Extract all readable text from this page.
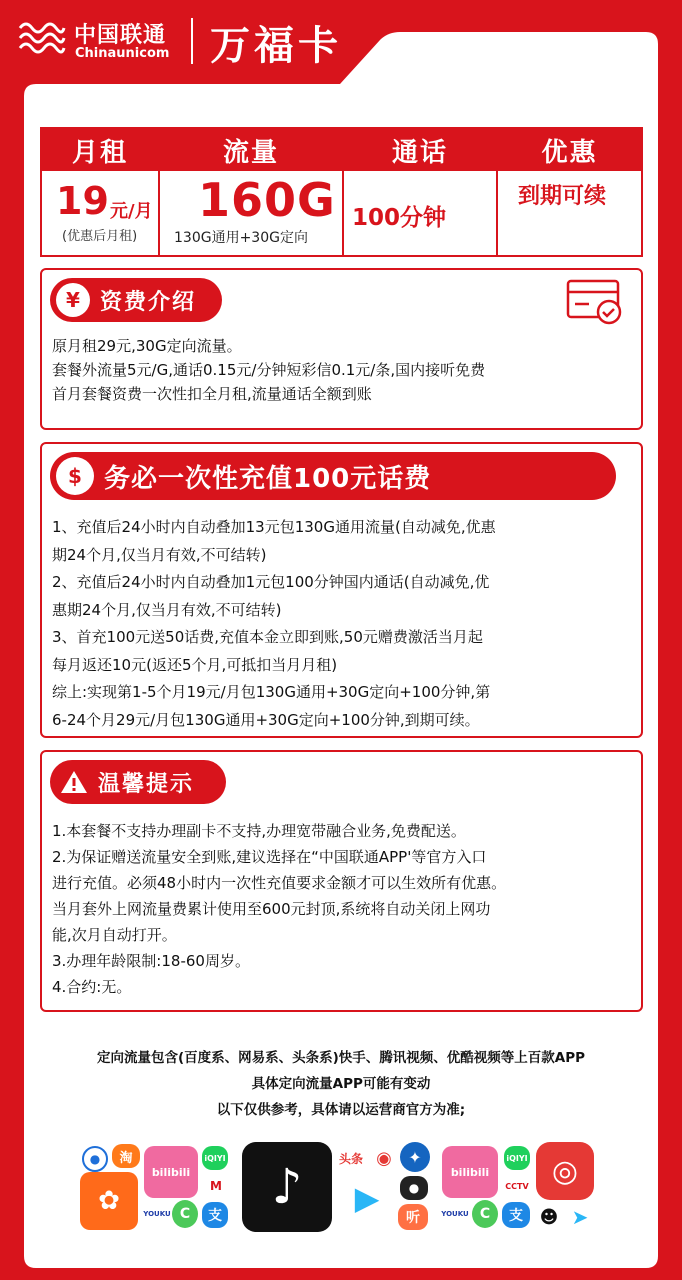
中国联通
Chinaunicom 万福卡
月租
19 元/月
(优惠后月租)
流量
160G
130G通用+30G定向
通话
100分钟
优惠
到期可续
¥ 资费介绍
原月租29元,30G定向流量。
套餐外流量5元/G,通话0.15元/分钟短彩信0.1元/条,国内接听免费
首月套餐资费一次性扣全月租,流量通话全额到账
$ 务必一次性充值100元话费
1、充值后24小时内自动叠加13元包130G通用流量(自动减免,优惠
期24个月,仅当月有效,不可结转)
2、充值后24小时内自动叠加1元包100分钟国内通话(自动减免,优
惠期24个月,仅当月有效,不可结转)
3、首充100元送50话费,充值本金立即到账,50元赠费激活当月起
每月返还10元(返还5个月,可抵扣当月月租)
综上:实现第1-5个月19元/月包130G通用+30G定向+100分钟,第
6-24个月29元/月包130G通用+30G定向+100分钟,到期可续。
温馨提示
1.本套餐不支持办理副卡不支持,办理宽带融合业务,免费配送。
2.为保证赠送流量安全到账,建议选择在“中国联通APP'等官方入口
进行充值。必须48小时内一次性充值要求金额才可以生效所有优惠。
当月套外上网流量费累计使用至600元封顶,系统将自动关闭上网功
能,次月自动打开。
3.办理年龄限制:18-60周岁。
4.合约:无。
定向流量包含(百度系、网易系、头条系)快手、腾讯视频、优酷视频等上百款APP
具体定向流量APP可能有变动
以下仅供参考，具体请以运营商官方为准;
✿
●	淘
bilibili
iQIYI
M
YOUKU C	支
♪
头条 ◉	✦
▶	●
听
bilibili
iQIYI
CCTV ◎
YOUKU C	支 ☻ ➤
